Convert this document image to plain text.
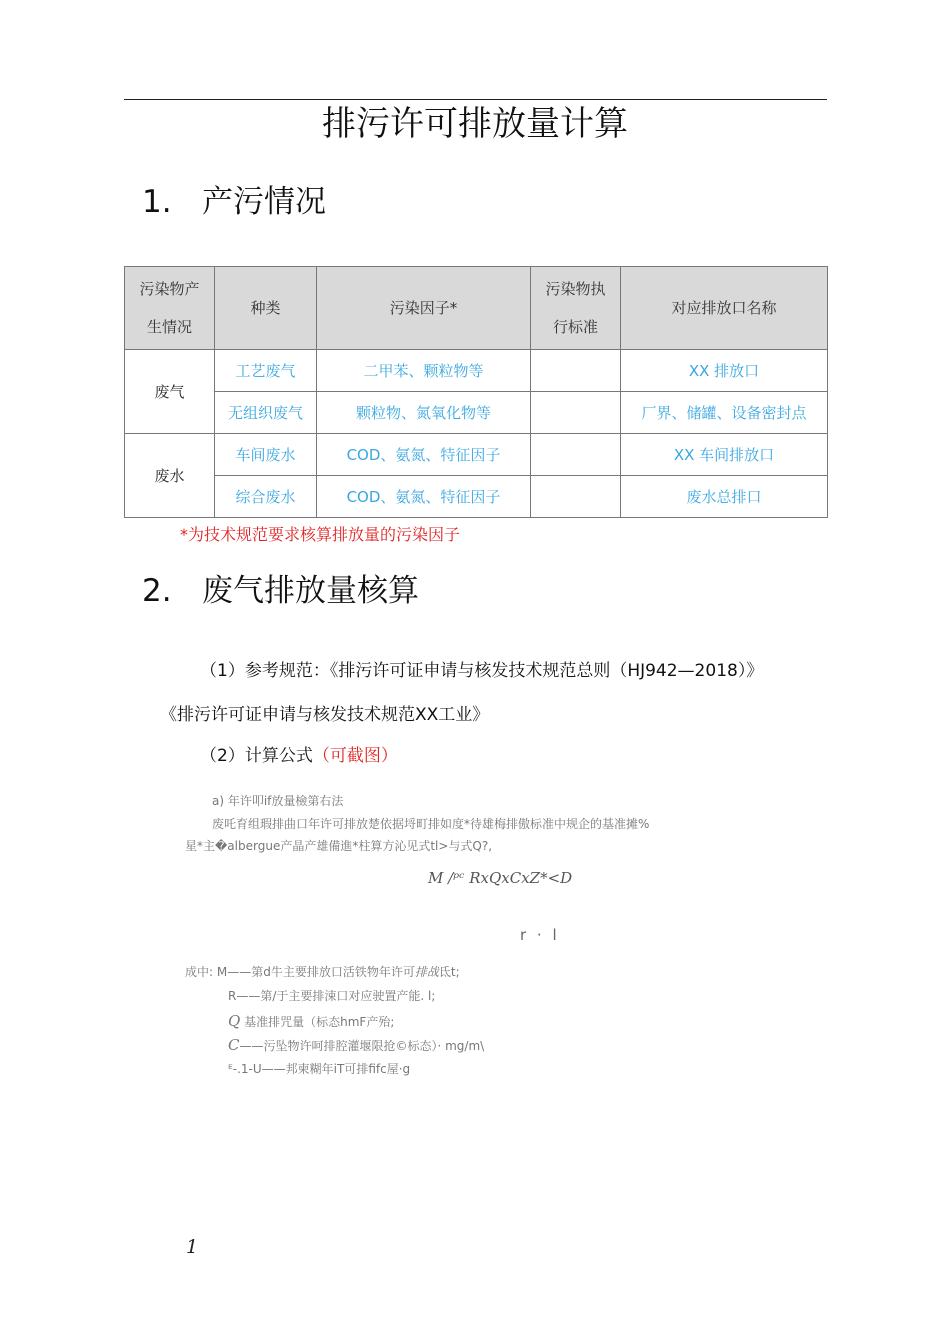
排污许可排放量计算
1. 产污情况
污染物产生情况	种类	污染因子*	污染物执行标准	对应排放口名称
废气	工艺废气	二甲苯、颗粒物等		XX 排放口
	无组织废气	颗粒物、氮氧化物等		厂界、储罐、设备密封点
废水	车间废水	COD、氨氮、特征因子		XX 车间排放口
	综合废水	COD、氨氮、特征因子		废水总排口
*为技术规范要求核算排放量的污染因子
2. 废气排放量核算
（1）参考规范：《排污许可证申请与核发技术规范总则（HJ942—2018）》
《排污许可证申请与核发技术规范XX工业》
（2）计算公式（可截图）
a) 年许叩if放量檢第右法
废吒育组瑕排曲口年许可排放楚依据埒町排如度*待雄梅排傲标准中规企的基准摊%
星*主�albergue产晶产雄備進*柱算方沁见式tl>与式Q?,
M /ᵖᶜ RxQxCxZ*<D
r · l
成中: M——第d牛主要排放口活铁物年许可排战氐t;
R——第/于主要排涑口对应驶置产能. l;
Q 基准排咒量（标态hmF产殆;
C——污坠物许呵排腔灌堰限抢©标态）· mg/m\
ᴱ-.1-U——邦柬糊年iT可排fifc屋·g
1
